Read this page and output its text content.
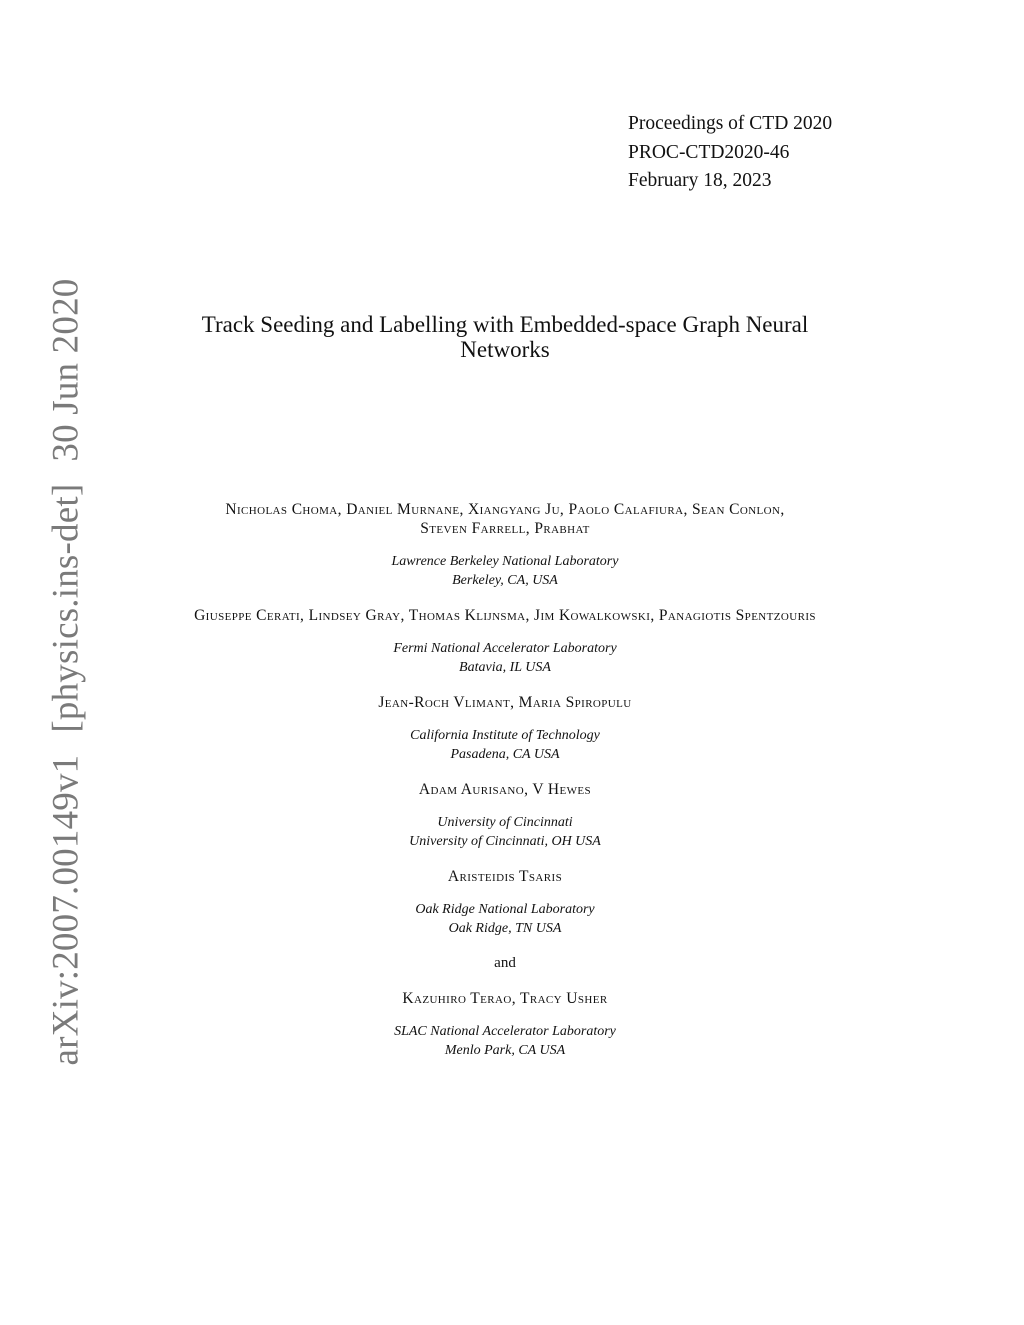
arXiv:2007.00149v1[physics.ins-det]30 Jun 2020
Proceedings of CTD 2020
PROC-CTD2020-46
February 18, 2023
Track Seeding and Labelling with Embedded-space Graph Neural
Networks
Nicholas Choma, Daniel Murnane, Xiangyang Ju, Paolo Calafiura, Sean Conlon,
Steven Farrell, Prabhat
Lawrence Berkeley National Laboratory
Berkeley, CA, USA
Giuseppe Cerati, Lindsey Gray, Thomas Klijnsma, Jim Kowalkowski, Panagiotis Spentzouris
Fermi National Accelerator Laboratory
Batavia, IL USA
Jean-Roch Vlimant, Maria Spiropulu
California Institute of Technology
Pasadena, CA USA
Adam Aurisano, V Hewes
University of Cincinnati
University of Cincinnati, OH USA
Aristeidis Tsaris
Oak Ridge National Laboratory
Oak Ridge, TN USA
and
Kazuhiro Terao, Tracy Usher
SLAC National Accelerator Laboratory
Menlo Park, CA USA
